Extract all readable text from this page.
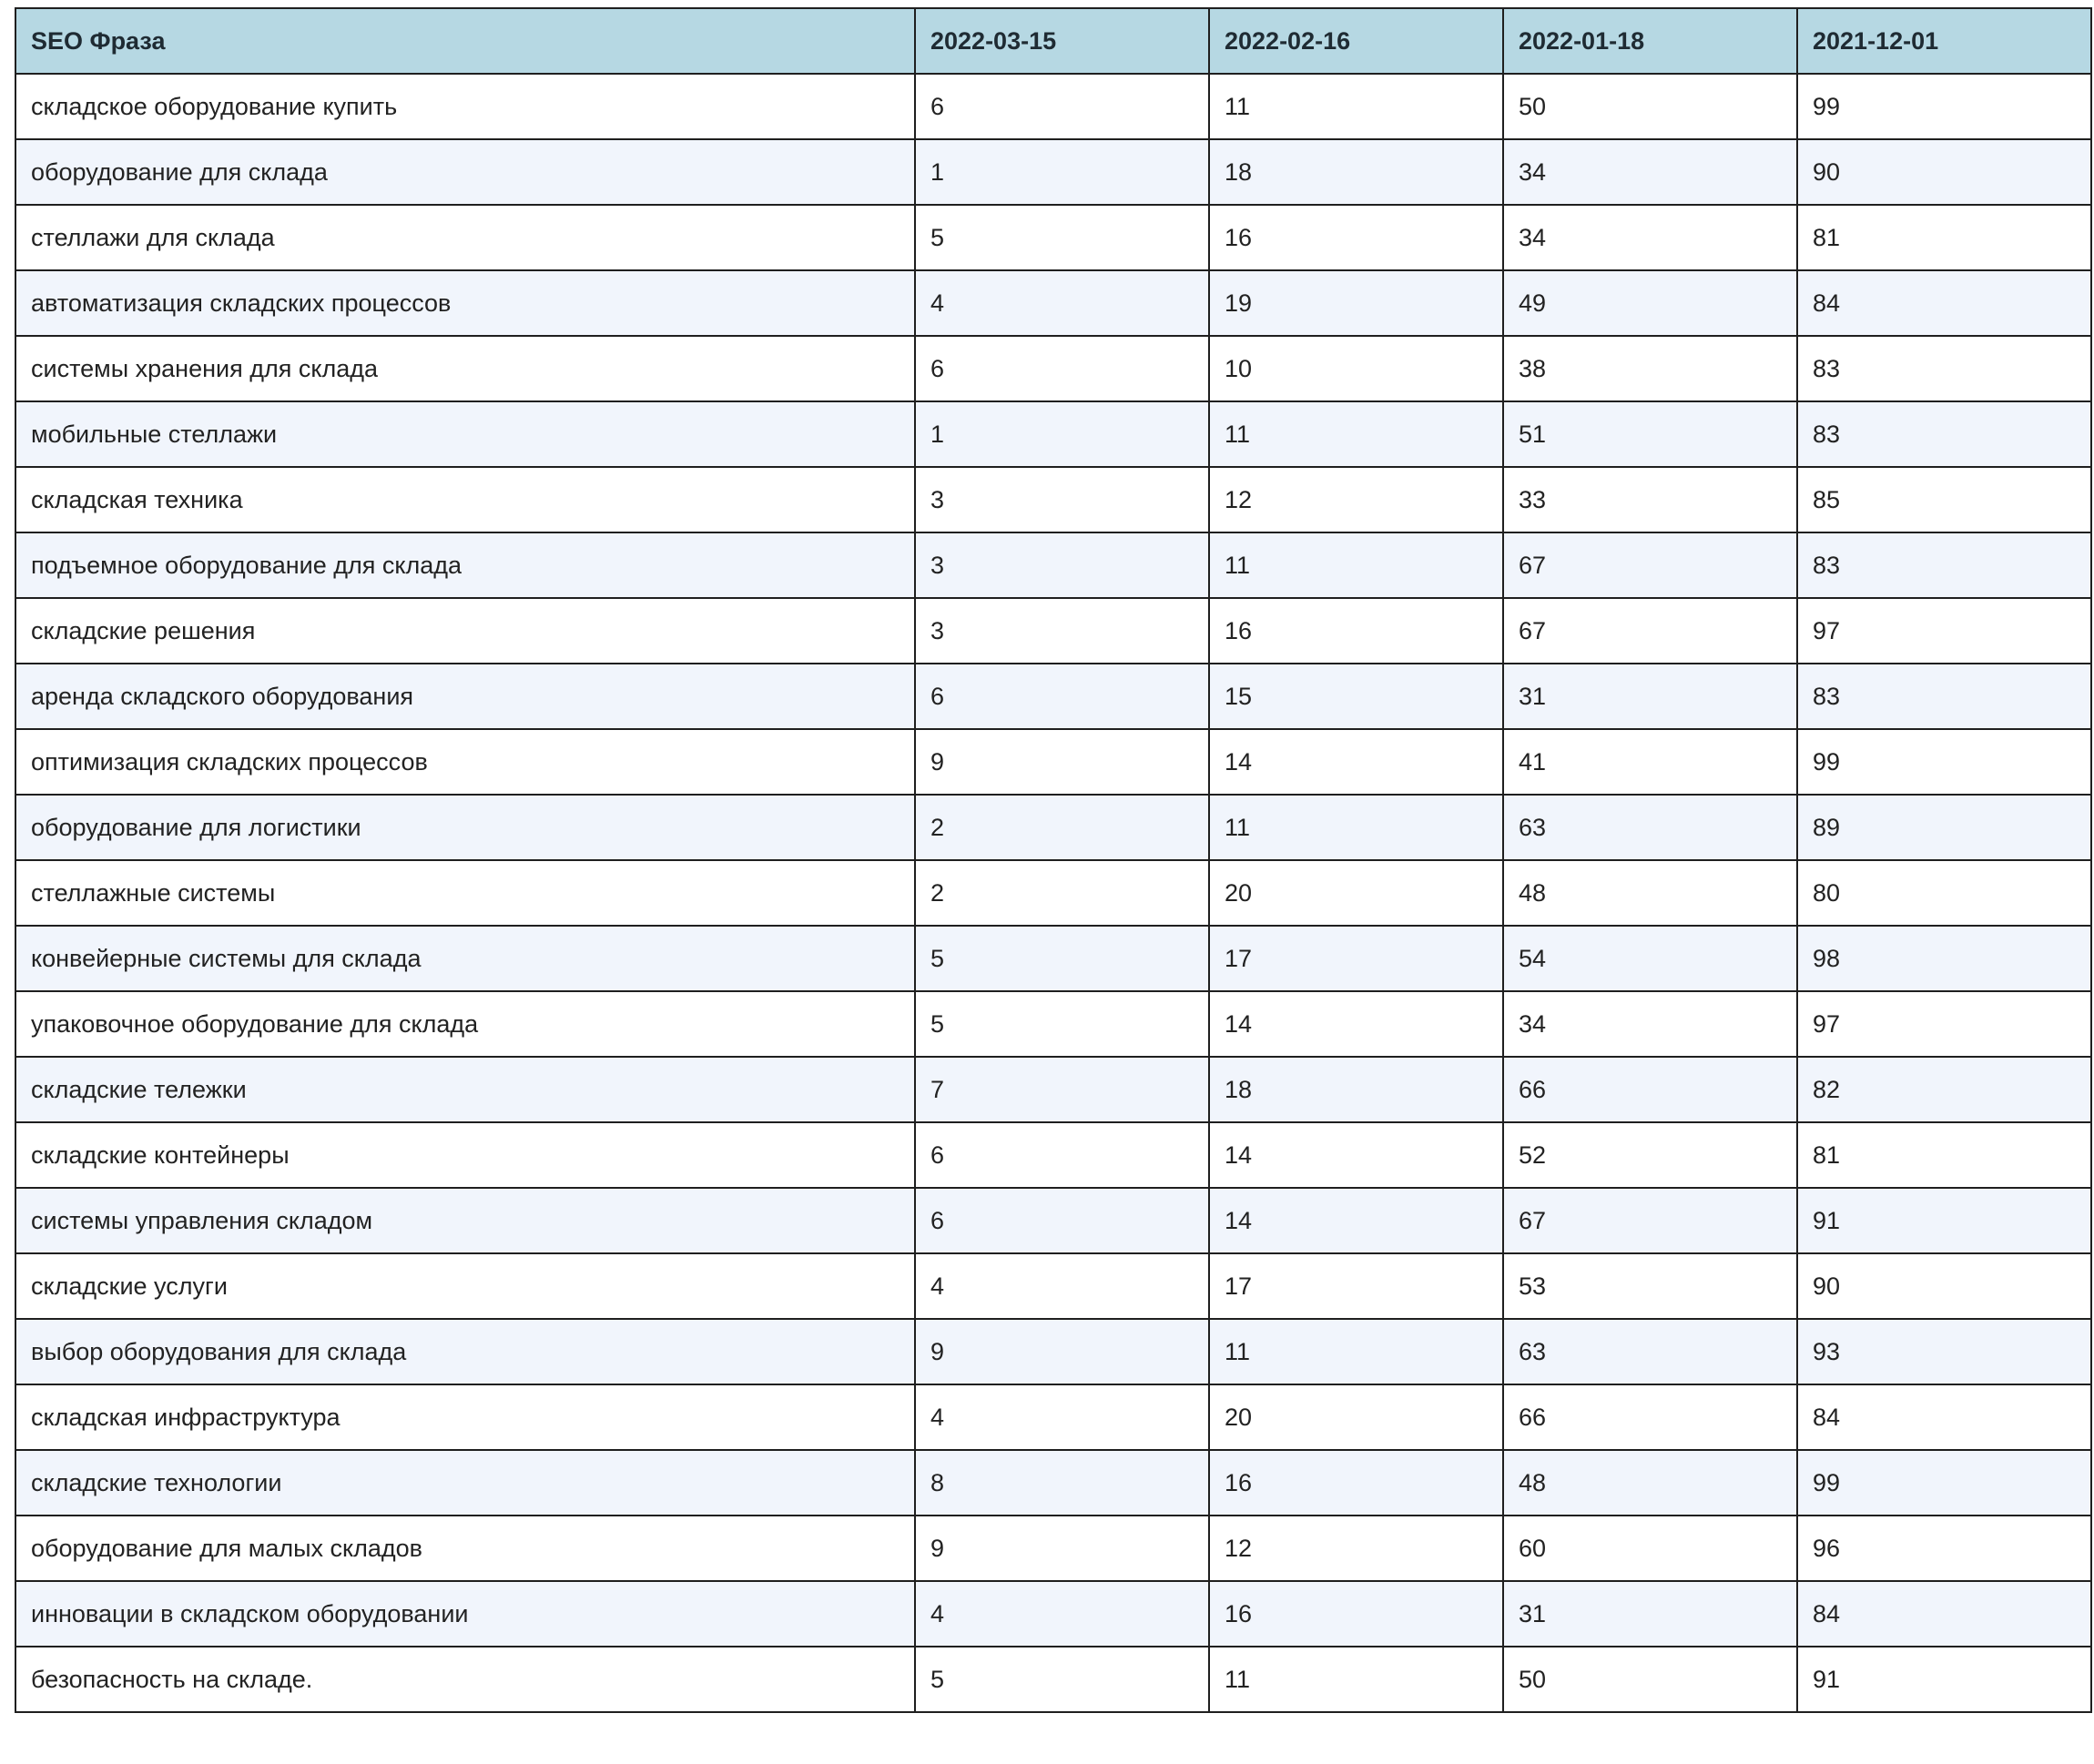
SEO Фраза	2022-03-15	2022-02-16	2022-01-18	2021-12-01
складское оборудование купить	6	11	50	99
оборудование для склада	1	18	34	90
стеллажи для склада	5	16	34	81
автоматизация складских процессов	4	19	49	84
системы хранения для склада	6	10	38	83
мобильные стеллажи	1	11	51	83
складская техника	3	12	33	85
подъемное оборудование для склада	3	11	67	83
складские решения	3	16	67	97
аренда складского оборудования	6	15	31	83
оптимизация складских процессов	9	14	41	99
оборудование для логистики	2	11	63	89
стеллажные системы	2	20	48	80
конвейерные системы для склада	5	17	54	98
упаковочное оборудование для склада	5	14	34	97
складские тележки	7	18	66	82
складские контейнеры	6	14	52	81
системы управления складом	6	14	67	91
складские услуги	4	17	53	90
выбор оборудования для склада	9	11	63	93
складская инфраструктура	4	20	66	84
складские технологии	8	16	48	99
оборудование для малых складов	9	12	60	96
инновации в складском оборудовании	4	16	31	84
безопасность на складе.	5	11	50	91
